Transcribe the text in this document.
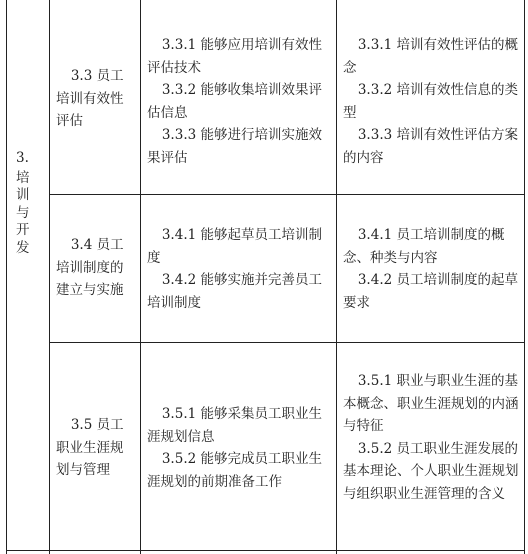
3.
培
训
与
开
发

3.3 员工

培训有效性

评估

3.3.1 能够应用培训有效性评估技术

3.3.2 能够收集培训效果评估信息

3.3.3 能够进行培训实施效果评估

3.3.1 培训有效性评估的概念

3.3.2 培训有效性信息的类型

3.3.3 培训有效性评估方案的内容

3.4 员工

培训制度的

建立与实施

3.4.1 能够起草员工培训制度

3.4.2 能够实施并完善员工培训制度

3.4.1 员工培训制度的概念、种类与内容

3.4.2 员工培训制度的起草要求

3.5 员工

职业生涯规

划与管理

3.5.1 能够采集员工职业生涯规划信息

3.5.2 能够完成员工职业生涯规划的前期准备工作

3.5.1 职业与职业生涯的基本概念、职业生涯规划的内涵与特征

3.5.2 员工职业生涯发展的基本理论、个人职业生涯规划与组织职业生涯管理的含义
